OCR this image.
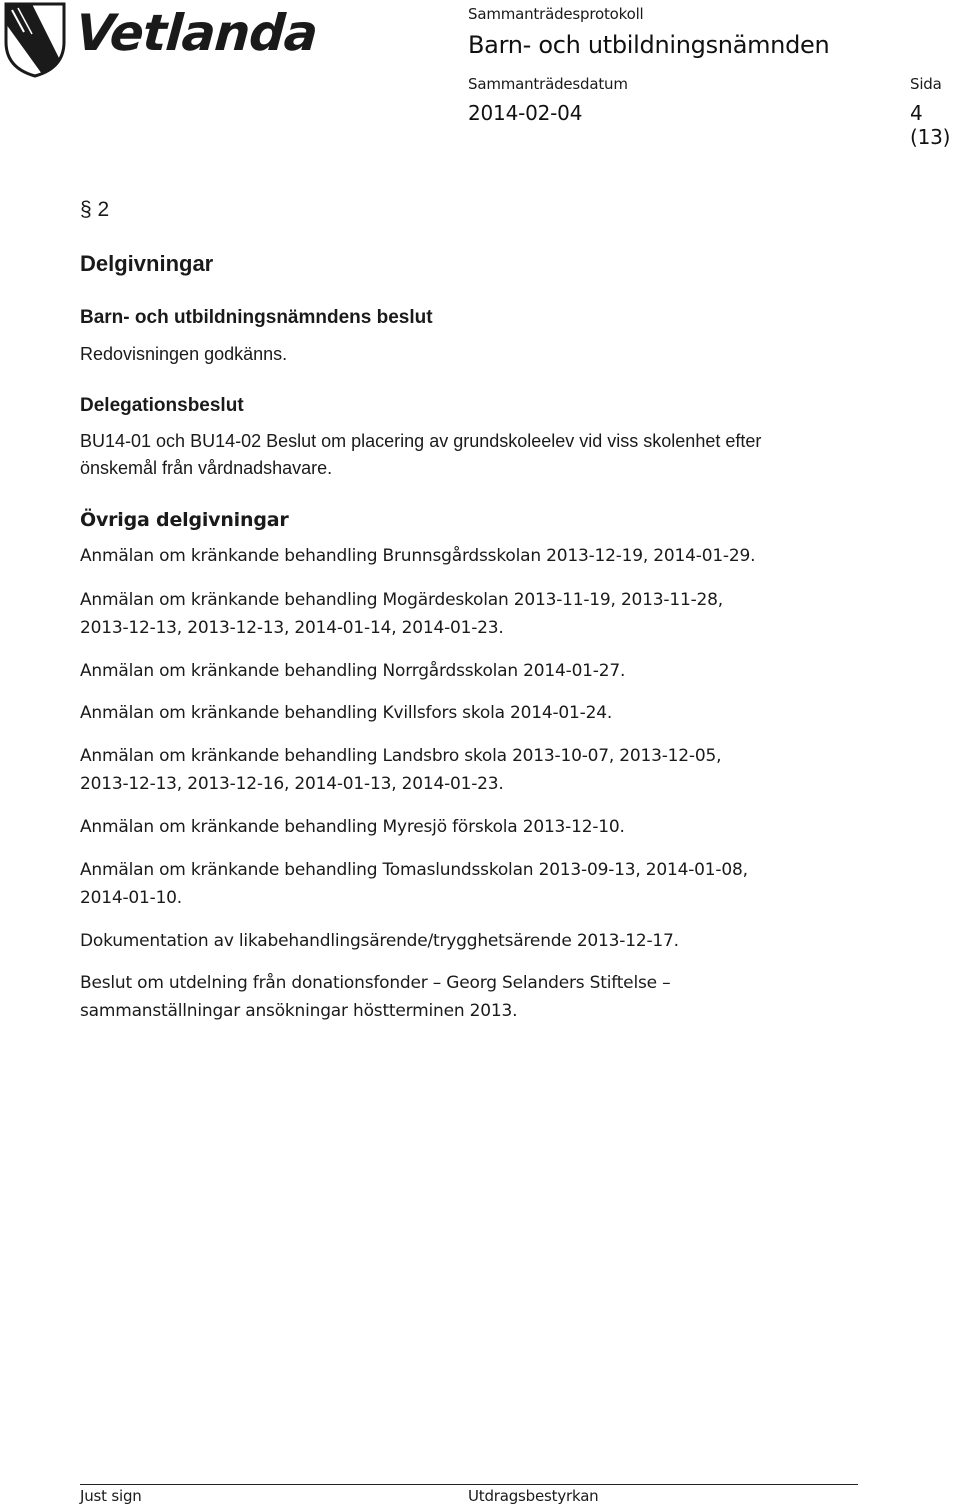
Vetlanda	Sammanträdesprotokoll
Barn- och utbildningsnämnden
Sammanträdesdatum	Sida
2014-02-04	4 (13)
§ 2
Delgivningar
Barn- och utbildningsnämndens beslut
Redovisningen godkänns.
Delegationsbeslut
BU14-01 och BU14-02 Beslut om placering av grundskoleelev vid viss skolenhet efter
önskemål från vårdnadshavare.
Övriga delgivningar
Anmälan om kränkande behandling Brunnsgårdsskolan 2013-12-19, 2014-01-29.
Anmälan om kränkande behandling Mogärdeskolan 2013-11-19, 2013-11-28,
2013-12-13, 2013-12-13, 2014-01-14, 2014-01-23.
Anmälan om kränkande behandling Norrgårdsskolan 2014-01-27.
Anmälan om kränkande behandling Kvillsfors skola 2014-01-24.
Anmälan om kränkande behandling Landsbro skola 2013-10-07, 2013-12-05,
2013-12-13, 2013-12-16, 2014-01-13, 2014-01-23.
Anmälan om kränkande behandling Myresjö förskola 2013-12-10.
Anmälan om kränkande behandling Tomaslundsskolan 2013-09-13, 2014-01-08,
2014-01-10.
Dokumentation av likabehandlingsärende/trygghetsärende 2013-12-17.
Beslut om utdelning från donationsfonder – Georg Selanders Stiftelse –
sammanställningar ansökningar höstterminen 2013.
Just sign	Utdragsbestyrkan
